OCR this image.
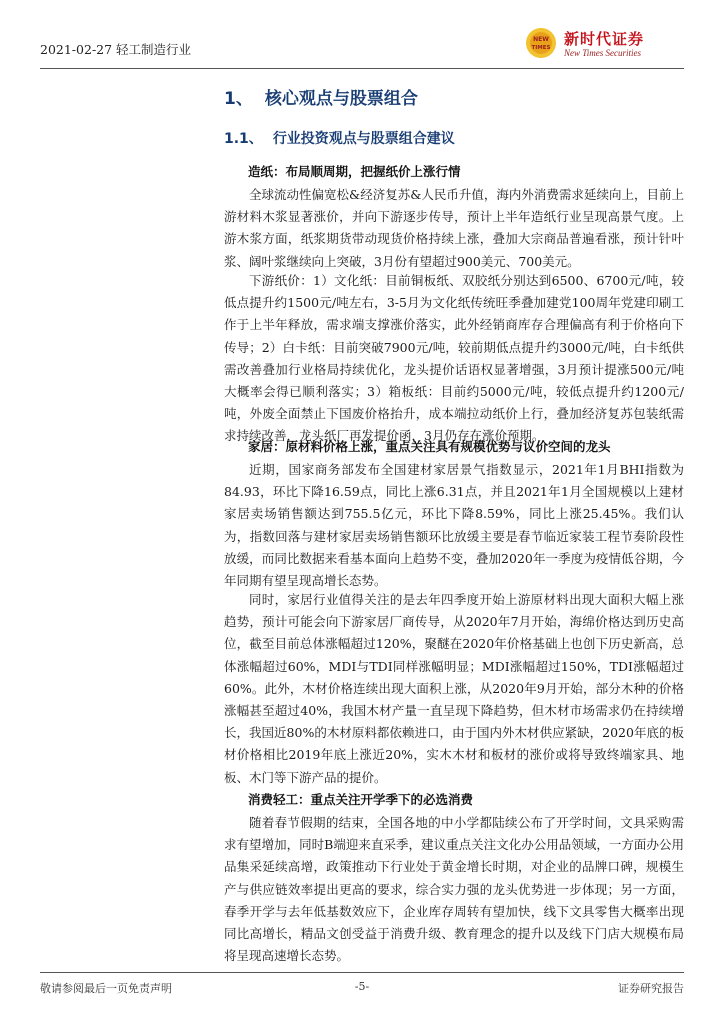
2021-02-27 轻工制造行业
NEW
TIMES 新时代证券
New Times Securities
1、 核心观点与股票组合
1.1、 行业投资观点与股票组合建议
造纸：布局顺周期，把握纸价上涨行情
全球流动性偏宽松&经济复苏&人民币升值，海内外消费需求延续向上，目前上游材料木浆显著涨价，并向下游逐步传导，预计上半年造纸行业呈现高景气度。上游木浆方面，纸浆期货带动现货价格持续上涨，叠加大宗商品普遍看涨，预计针叶浆、阔叶浆继续向上突破，3月份有望超过900美元、700美元。
下游纸价：1）文化纸：目前铜板纸、双胶纸分别达到6500、6700元/吨，较低点提升约1500元/吨左右，3-5月为文化纸传统旺季叠加建党100周年党建印刷工作于上半年释放，需求端支撑涨价落实，此外经销商库存合理偏高有利于价格向下传导；2）白卡纸：目前突破7900元/吨，较前期低点提升约3000元/吨，白卡纸供需改善叠加行业格局持续优化，龙头提价话语权显著增强，3月预计提涨500元/吨大概率会得已顺利落实；3）箱板纸：目前约5000元/吨，较低点提升约1200元/吨，外废全面禁止下国废价格抬升，成本端拉动纸价上行，叠加经济复苏包装纸需求持续改善，龙头纸厂再发提价函，3月仍存在涨价预期。
家居：原材料价格上涨，重点关注具有规模优势与议价空间的龙头
近期，国家商务部发布全国建材家居景气指数显示，2021年1月BHI指数为84.93，环比下降16.59点，同比上涨6.31点，并且2021年1月全国规模以上建材家居卖场销售额达到755.5亿元，环比下降8.59%，同比上涨25.45%。我们认为，指数回落与建材家居卖场销售额环比放缓主要是春节临近家装工程节奏阶段性放缓，而同比数据来看基本面向上趋势不变，叠加2020年一季度为疫情低谷期，今年同期有望呈现高增长态势。
同时，家居行业值得关注的是去年四季度开始上游原材料出现大面积大幅上涨趋势，预计可能会向下游家居厂商传导，从2020年7月开始，海绵价格达到历史高位，截至目前总体涨幅超过120%，聚醚在2020年价格基础上也创下历史新高，总体涨幅超过60%，MDI与TDI同样涨幅明显；MDI涨幅超过150%，TDI涨幅超过60%。此外，木材价格连续出现大面积上涨，从2020年9月开始，部分木种的价格涨幅甚至超过40%，我国木材产量一直呈现下降趋势，但木材市场需求仍在持续增长，我国近80%的木材原料都依赖进口，由于国内外木材供应紧缺，2020年底的板材价格相比2019年底上涨近20%，实木木材和板材的涨价或将导致终端家具、地板、木门等下游产品的提价。
消费轻工：重点关注开学季下的必选消费
随着春节假期的结束，全国各地的中小学都陆续公布了开学时间，文具采购需求有望增加，同时B端迎来直采季，建议重点关注文化办公用品领域，一方面办公用品集采延续高增，政策推动下行业处于黄金增长时期，对企业的品牌口碑，规模生产与供应链效率提出更高的要求，综合实力强的龙头优势进一步体现；另一方面，春季开学与去年低基数效应下，企业库存周转有望加快，线下文具零售大概率出现同比高增长，精品文创受益于消费升级、教育理念的提升以及线下门店大规模布局将呈现高速增长态势。
敬请参阅最后一页免责声明	-5-	证券研究报告
